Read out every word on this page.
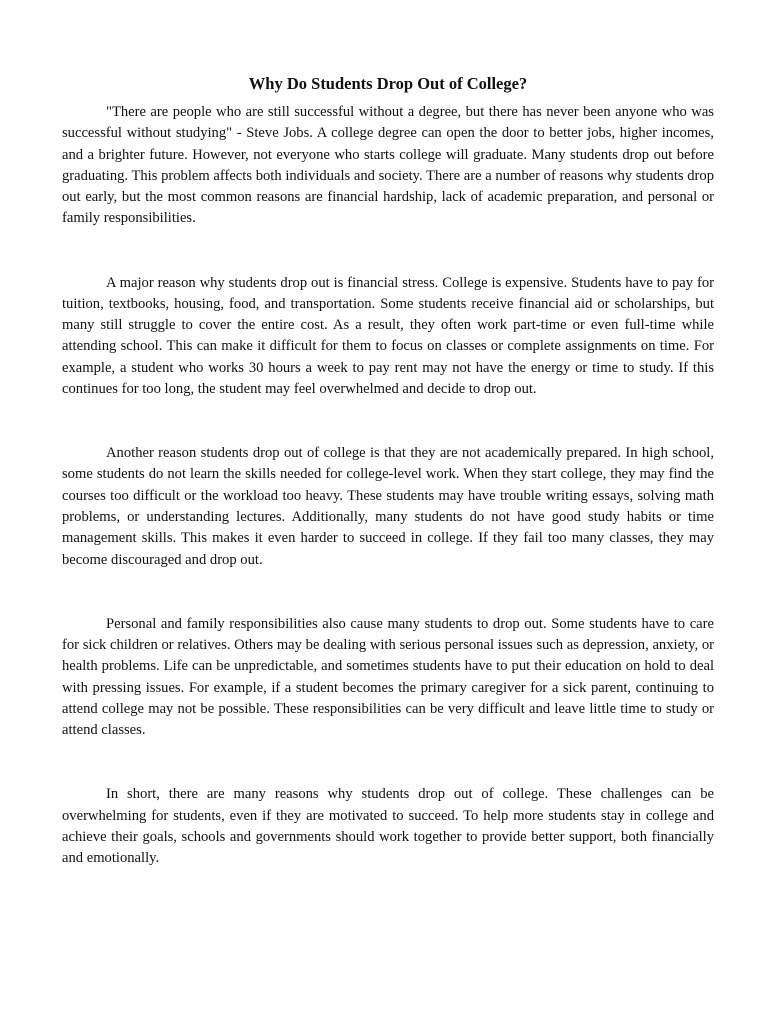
Why Do Students Drop Out of College?

"There are people who are still successful without a degree, but there has never been anyone who was successful without studying" - Steve Jobs. A college degree can open the door to better jobs, higher incomes, and a brighter future. However, not everyone who starts college will graduate. Many students drop out before graduating. This problem affects both individuals and society. There are a number of reasons why students drop out early, but the most common reasons are financial hardship, lack of academic preparation, and personal or family responsibilities.

A major reason why students drop out is financial stress. College is expensive. Students have to pay for tuition, textbooks, housing, food, and transportation. Some students receive financial aid or scholarships, but many still struggle to cover the entire cost. As a result, they often work part-time or even full-time while attending school. This can make it difficult for them to focus on classes or complete assignments on time. For example, a student who works 30 hours a week to pay rent may not have the energy or time to study. If this continues for too long, the student may feel overwhelmed and decide to drop out.

Another reason students drop out of college is that they are not academically prepared. In high school, some students do not learn the skills needed for college-level work. When they start college, they may find the courses too difficult or the workload too heavy. These students may have trouble writing essays, solving math problems, or understanding lectures. Additionally, many students do not have good study habits or time management skills. This makes it even harder to succeed in college. If they fail too many classes, they may become discouraged and drop out.

Personal and family responsibilities also cause many students to drop out. Some students have to care for sick children or relatives. Others may be dealing with serious personal issues such as depression, anxiety, or health problems. Life can be unpredictable, and sometimes students have to put their education on hold to deal with pressing issues. For example, if a student becomes the primary caregiver for a sick parent, continuing to attend college may not be possible. These responsibilities can be very difficult and leave little time to study or attend classes.

In short, there are many reasons why students drop out of college. These challenges can be overwhelming for students, even if they are motivated to succeed. To help more students stay in college and achieve their goals, schools and governments should work together to provide better support, both financially and emotionally.
